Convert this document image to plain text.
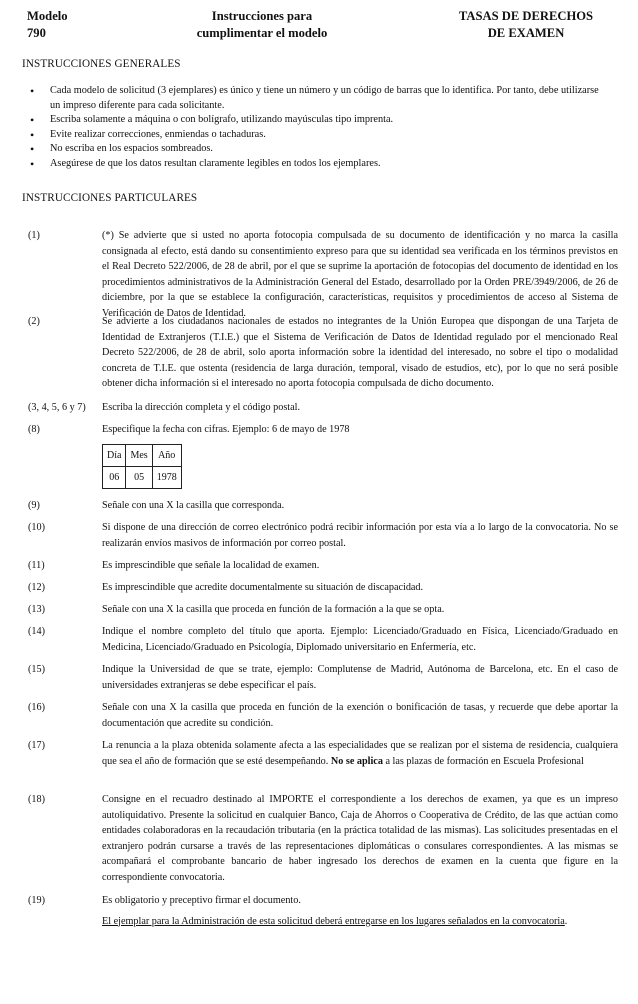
Modelo
790
Instrucciones para
cumplimentar el modelo
TASAS DE DERECHOS
DE EXAMEN
INSTRUCCIONES GENERALES
• Cada modelo de solicitud (3 ejemplares) es único y tiene un número y un código de barras que lo identifica. Por tanto, debe utilizarse un impreso diferente para cada solicitante.
• Escriba solamente a máquina o con bolígrafo, utilizando mayúsculas tipo imprenta.
• Evite realizar correcciones, enmiendas o tachaduras.
• No escriba en los espacios sombreados.
• Asegúrese de que los datos resultan claramente legibles en todos los ejemplares.
INSTRUCCIONES PARTICULARES
(1)	(*) Se advierte que si usted no aporta fotocopia compulsada de su documento de identificación y no marca la casilla consignada al efecto, está dando su consentimiento expreso para que su identidad sea verificada en los términos previstos en el Real Decreto 522/2006, de 28 de abril, por el que se suprime la aportación de fotocopias del documento de identidad en los procedimientos administrativos de la Administración General del Estado, desarrollado por la Orden PRE/3949/2006, de 26 de diciembre, por la que se establece la configuración, características, requisitos y procedimientos de acceso al Sistema de Verificación de Datos de Identidad.
(2)	Se advierte a los ciudadanos nacionales de estados no integrantes de la Unión Europea que dispongan de una Tarjeta de Identidad de Extranjeros (T.I.E.) que el Sistema de Verificación de Datos de Identidad regulado por el mencionado Real Decreto 522/2006, de 28 de abril, solo aporta información sobre la identidad del interesado, no sobre el tipo o modalidad concreta de T.I.E. que ostenta (residencia de larga duración, temporal, visado de estudios, etc), por lo que no será posible obtener dicha información si el interesado no aporta fotocopia compulsada de dicho documento.
(3, 4, 5, 6 y 7) Escriba la dirección completa y el código postal.
(8)	Especifique la fecha con cifras. Ejemplo: 6 de mayo de 1978
Día	Mes	Año
06	05	1978
(9)	Señale con una X la casilla que corresponda.
(10)	Si dispone de una dirección de correo electrónico podrá recibir información por esta vía a lo largo de la convocatoria. No se realizarán envíos masivos de información por correo postal.
(11)	Es imprescindible que señale la localidad de examen.
(12)	Es imprescindible que acredite documentalmente su situación de discapacidad.
(13)	Señale con una X la casilla que proceda en función de la formación a la que se opta.
(14)	Indique el nombre completo del título que aporta. Ejemplo: Licenciado/Graduado en Física, Licenciado/Graduado en Medicina, Licenciado/Graduado en Psicología, Diplomado universitario en Enfermería, etc.
(15)	Indique la Universidad de que se trate, ejemplo: Complutense de Madrid, Autónoma de Barcelona, etc. En el caso de universidades extranjeras se debe especificar el país.
(16)	Señale con una X la casilla que proceda en función de la exención o bonificación de tasas, y recuerde que debe aportar la documentación que acredite su condición.
(17)	La renuncia a la plaza obtenida solamente afecta a las especialidades que se realizan por el sistema de residencia, cualquiera que sea el año de formación que se esté desempeñando. No se aplica a las plazas de formación en Escuela Profesional
(18)	Consigne en el recuadro destinado al IMPORTE el correspondiente a los derechos de examen, ya que es un impreso autoliquidativo. Presente la solicitud en cualquier Banco, Caja de Ahorros o Cooperativa de Crédito, de las que actúan como entidades colaboradoras en la recaudación tributaria (en la práctica totalidad de las mismas). Las solicitudes presentadas en el extranjero podrán cursarse a través de las representaciones diplomáticas o consulares correspondientes. A las mismas se acompañará el comprobante bancario de haber ingresado los derechos de examen en la cuenta que figure en la correspondiente convocatoria.
(19)	Es obligatorio y preceptivo firmar el documento.
El ejemplar para la Administración de esta solicitud deberá entregarse en los lugares señalados en la convocatoria.
